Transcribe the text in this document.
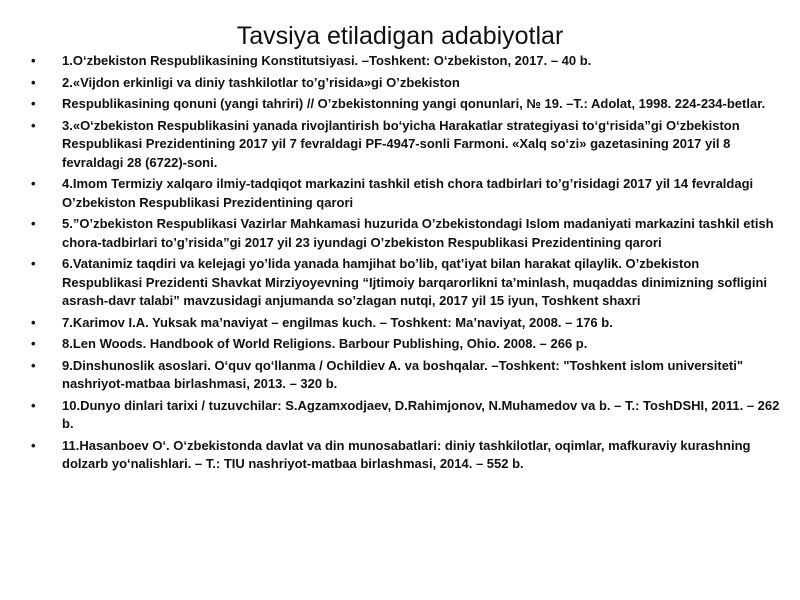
Tavsiya etiladigan adabiyotlar
• 1.O‘zbekiston Respublikasining Konstitutsiyasi. –Toshkent: O‘zbekiston, 2017. – 40 b.
• 2.«Vijdon erkinligi va diniy tashkilotlar to’g’risida»gi O’zbekiston
• Respublikasining qonuni (yangi tahriri) // O’zbekistonning yangi qonunlari, № 19. –T.: Adolat, 1998. 224-234-betlar.
• 3.«O‘zbekiston Respublikasini yanada rivojlantirish bo‘yicha Harakatlar strategiyasi to‘g‘risida”gi O‘zbekiston Respublikasi Prezidentining 2017 yil 7 fevraldagi PF-4947-sonli Farmoni. «Xalq so‘zi» gazetasining 2017 yil 8 fevraldagi 28 (6722)-soni.
• 4.Imom Termiziy xalqaro ilmiy-tadqiqot markazini tashkil etish chora tadbirlari to’g’risidagi 2017 yil 14 fevraldagi O’zbekiston Respublikasi Prezidentining qarori
• 5.”O’zbekiston Respublikasi Vazirlar Mahkamasi huzurida O’zbekistondagi Islom madaniyati markazini tashkil etish chora-tadbirlari to’g’risida”gi 2017 yil 23 iyundagi O’zbekiston Respublikasi Prezidentining qarori
• 6.Vatanimiz taqdiri va kelejagi yo’lida yanada hamjihat bo’lib, qat’iyat bilan harakat qilaylik. O’zbekiston Respublikasi Prezidenti Shavkat Mirziyoyevning “Ijtimoiy barqarorlikni ta’minlash, muqaddas dinimizning sofligini asrash-davr talabi” mavzusidagi anjumanda so’zlagan nutqi, 2017 yil 15 iyun, Toshkent shaxri
• 7.Karimov I.A. Yuksak ma’naviyat – engilmas kuch. – Toshkent: Ma’naviyat, 2008. – 176 b.
• 8.Len Woods. Handbook of World Religions. Barbour Publishing, Ohio. 2008. – 266 p.
• 9.Dinshunoslik asoslari. O‘quv qo‘llanma / Ochildiev A. va boshqalar. –Toshkent: "Toshkent islom universiteti" nashriyot-matbaa birlashmasi, 2013. – 320 b.
• 10.Dunyo dinlari tarixi / tuzuvchilar: S.Agzamxodjaev, D.Rahimjonov, N.Muhamedov va b. – T.: ToshDSHI, 2011. – 262 b.
• 11.Hasanboev O‘. O‘zbekistonda davlat va din munosabatlari: diniy tashkilotlar, oqimlar, mafkuraviy kurashning dolzarb yo‘nalishlari. – T.: TIU nashriyot-matbaa birlashmasi, 2014. – 552 b.
